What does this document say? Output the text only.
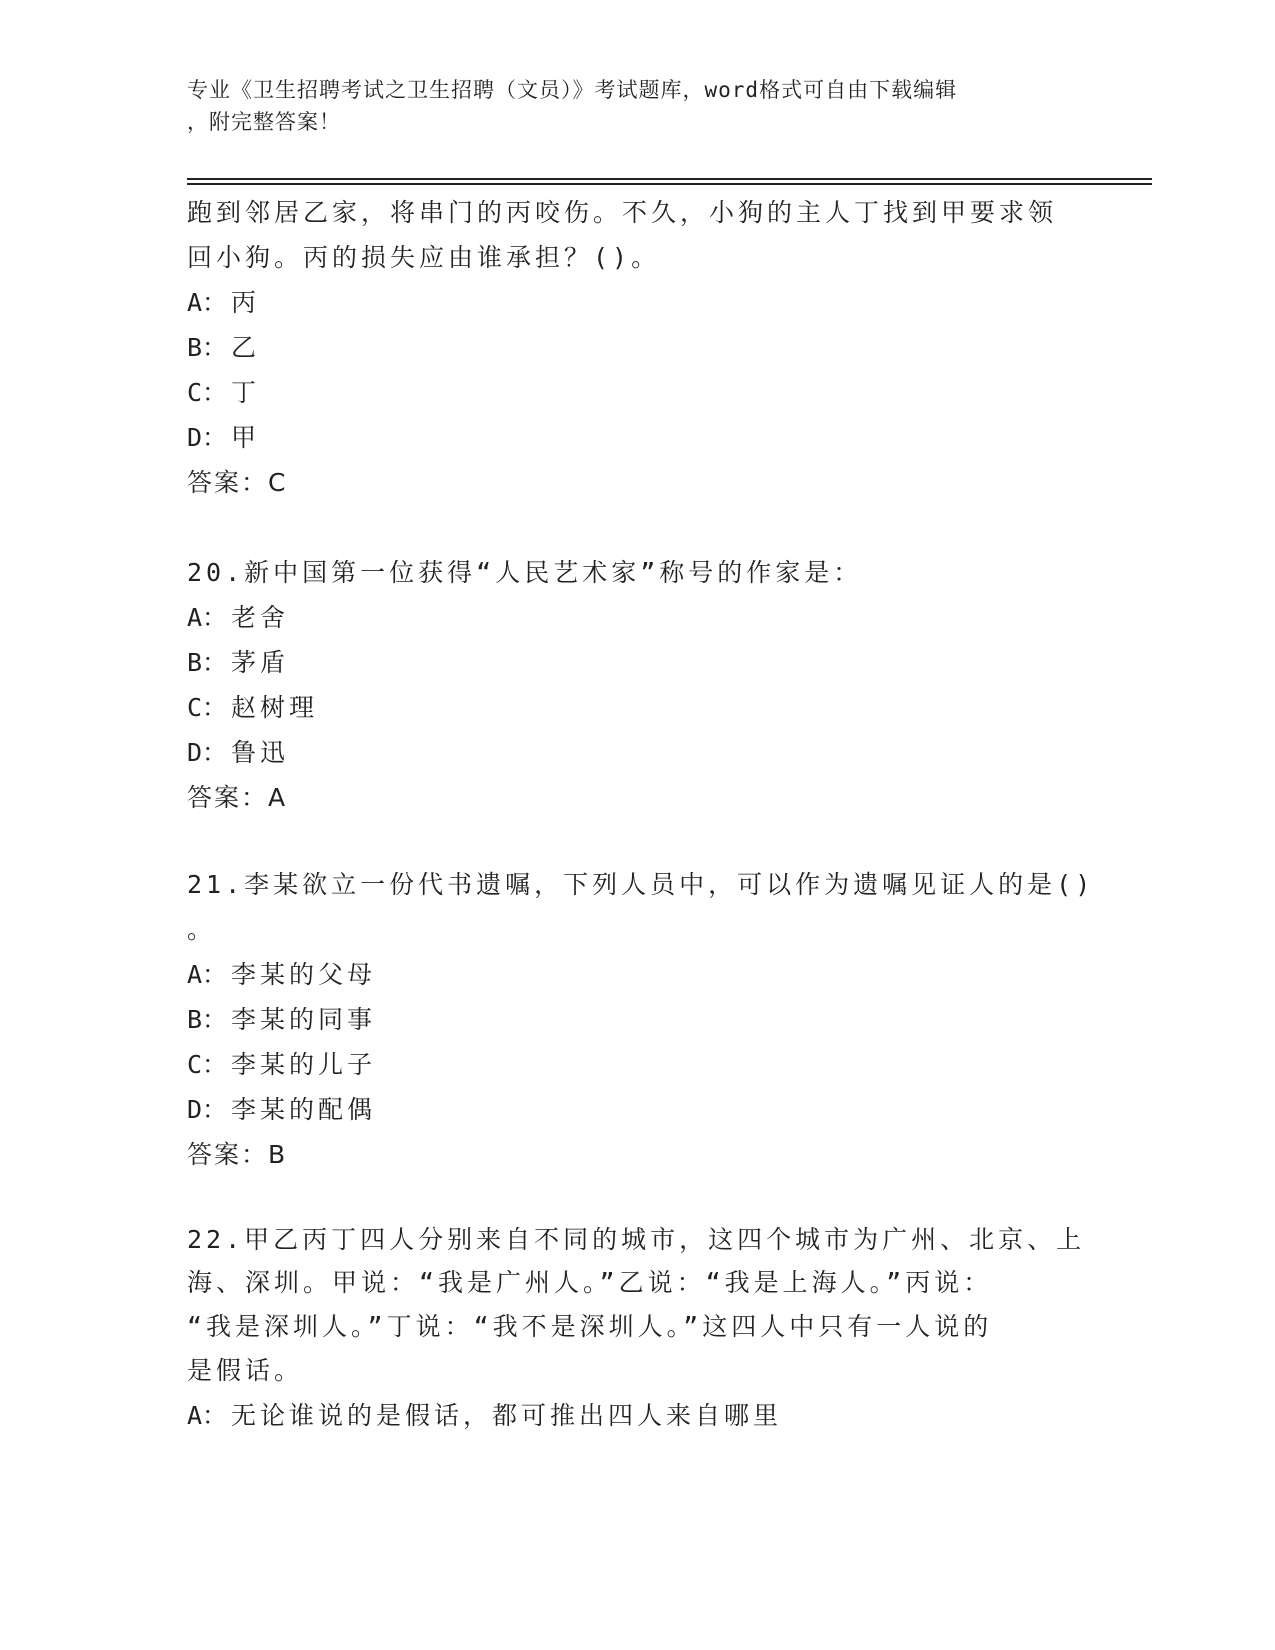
专业《卫生招聘考试之卫生招聘（文员）》考试题库，word格式可自由下载编辑
，附完整答案！
跑到邻居乙家，将串门的丙咬伤。不久，小狗的主人丁找到甲要求领
回小狗。丙的损失应由谁承担？()。
A： 丙
B： 乙
C： 丁
D： 甲
答案：C
20.新中国第一位获得“人民艺术家”称号的作家是：
A： 老舍
B： 茅盾
C： 赵树理
D： 鲁迅
答案：A
21.李某欲立一份代书遗嘱，下列人员中，可以作为遗嘱见证人的是()
。
A： 李某的父母
B： 李某的同事
C： 李某的儿子
D： 李某的配偶
答案：B
22.甲乙丙丁四人分别来自不同的城市，这四个城市为广州、北京、上
海、深圳。甲说：“我是广州人。”乙说：“我是上海人。”丙说：
“我是深圳人。”丁说：“我不是深圳人。”这四人中只有一人说的
是假话。
A： 无论谁说的是假话，都可推出四人来自哪里
